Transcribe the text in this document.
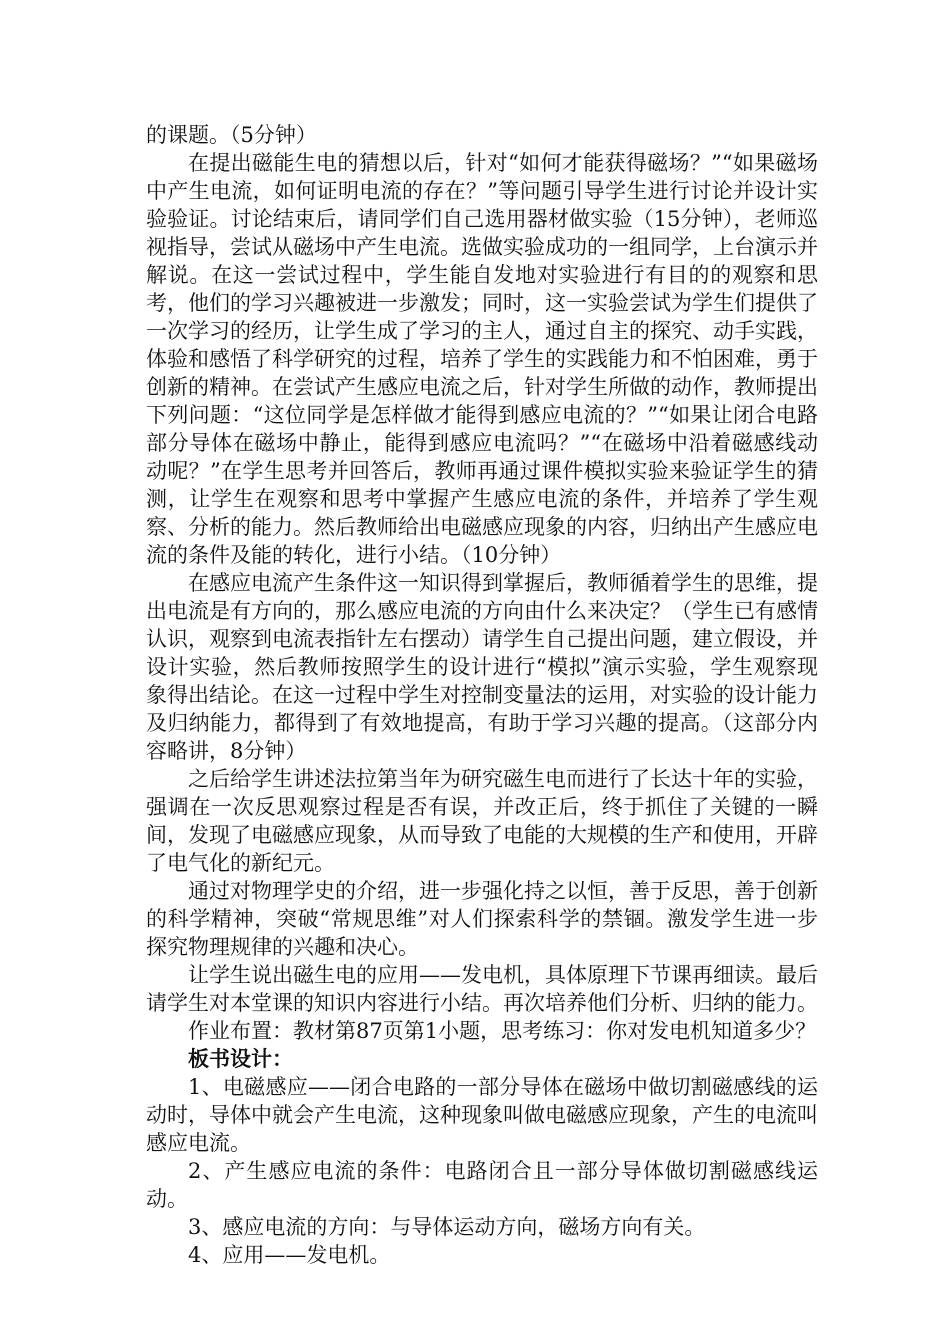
的课题。（5分钟）

在提出磁能生电的猜想以后，针对“如何才能获得磁场？”“如果磁场中产生电流，如何证明电流的存在？”等问题引导学生进行讨论并设计实验验证。讨论结束后，请同学们自己选用器材做实验（15分钟），老师巡视指导，尝试从磁场中产生电流。选做实验成功的一组同学，上台演示并解说。在这一尝试过程中，学生能自发地对实验进行有目的的观察和思考，他们的学习兴趣被进一步激发；同时，这一实验尝试为学生们提供了一次学习的经历，让学生成了学习的主人，通过自主的探究、动手实践，体验和感悟了科学研究的过程，培养了学生的实践能力和不怕困难，勇于创新的精神。在尝试产生感应电流之后，针对学生所做的动作，教师提出下列问题：“这位同学是怎样做才能得到感应电流的？”“如果让闭合电路部分导体在磁场中静止，能得到感应电流吗？”“在磁场中沿着磁感线动动呢？”在学生思考并回答后，教师再通过课件模拟实验来验证学生的猜测，让学生在观察和思考中掌握产生感应电流的条件，并培养了学生观察、分析的能力。然后教师给出电磁感应现象的内容，归纳出产生感应电流的条件及能的转化，进行小结。（10分钟）

在感应电流产生条件这一知识得到掌握后，教师循着学生的思维，提出电流是有方向的，那么感应电流的方向由什么来决定？（学生已有感情认识，观察到电流表指针左右摆动）请学生自己提出问题，建立假设，并设计实验，然后教师按照学生的设计进行“模拟”演示实验，学生观察现象得出结论。在这一过程中学生对控制变量法的运用，对实验的设计能力及归纳能力，都得到了有效地提高，有助于学习兴趣的提高。（这部分内容略讲，8分钟）

之后给学生讲述法拉第当年为研究磁生电而进行了长达十年的实验，强调在一次反思观察过程是否有误，并改正后，终于抓住了关键的一瞬间，发现了电磁感应现象，从而导致了电能的大规模的生产和使用，开辟了电气化的新纪元。

通过对物理学史的介绍，进一步强化持之以恒，善于反思，善于创新的科学精神，突破“常规思维”对人们探索科学的禁锢。激发学生进一步探究物理规律的兴趣和决心。

让学生说出磁生电的应用——发电机，具体原理下节课再细读。最后请学生对本堂课的知识内容进行小结。再次培养他们分析、归纳的能力。

作业布置：教材第87页第1小题，思考练习：你对发电机知道多少？

板书设计：

1、电磁感应——闭合电路的一部分导体在磁场中做切割磁感线的运动时，导体中就会产生电流，这种现象叫做电磁感应现象，产生的电流叫感应电流。

2、产生感应电流的条件：电路闭合且一部分导体做切割磁感线运动。

3、感应电流的方向：与导体运动方向，磁场方向有关。

4、应用——发电机。
